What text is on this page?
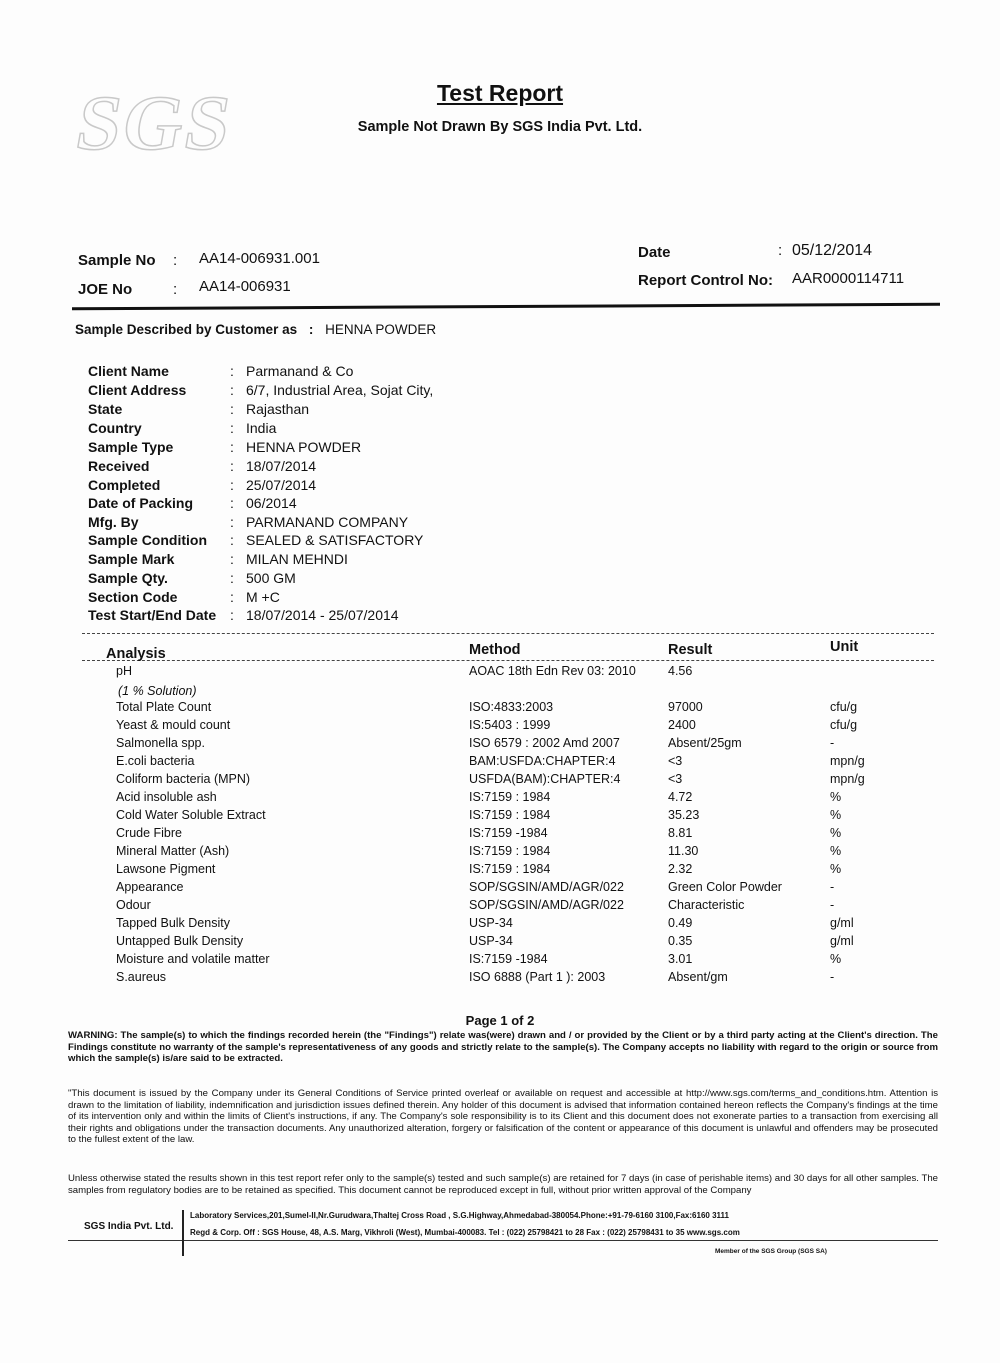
SGS	Test Report
Sample Not Drawn By SGS India Pvt. Ltd.
Sample No : AA14-006931.001
JOE No	: AA14-006931
Date	: 05/12/2014
Report Control No: AAR0000114711
Sample Described by Customer as : HENNA POWDER
Client Name	: Parmanand & Co
Client Address	: 6/7, Industrial Area, Sojat City,
State	: Rajasthan
Country	: India
Sample Type	: HENNA POWDER
Received	: 18/07/2014
Completed	: 25/07/2014
Date of Packing	: 06/2014
Mfg. By	: PARMANAND COMPANY
Sample Condition	: SEALED & SATISFACTORY
Sample Mark	: MILAN MEHNDI
Sample Qty.	: 500 GM
Section Code	: M +C
Test Start/End Date : 18/07/2014 - 25/07/2014
Analysis	Method	Result	Unit
pH	AOAC 18th Edn Rev 03: 2010	4.56
(1 % Solution)
Total Plate Count	ISO:4833:2003	97000	cfu/g
Yeast & mould count	IS:5403 : 1999	2400	cfu/g
Salmonella spp.	ISO 6579 : 2002 Amd 2007	Absent/25gm	-
E.coli bacteria	BAM:USFDA:CHAPTER:4	<3	mpn/g
Coliform bacteria (MPN)	USFDA(BAM):CHAPTER:4	<3	mpn/g
Acid insoluble ash	IS:7159 : 1984	4.72	%
Cold Water Soluble Extract	IS:7159 : 1984	35.23	%
Crude Fibre	IS:7159 -1984	8.81	%
Mineral Matter (Ash)	IS:7159 : 1984	11.30	%
Lawsone Pigment	IS:7159 : 1984	2.32	%
Appearance	SOP/SGSIN/AMD/AGR/022	Green Color Powder	-
Odour	SOP/SGSIN/AMD/AGR/022	Characteristic	-
Tapped Bulk Density	USP-34	0.49	g/ml
Untapped Bulk Density	USP-34	0.35	g/ml
Moisture and volatile matter	IS:7159 -1984	3.01	%
S.aureus	ISO 6888 (Part 1 ): 2003	Absent/gm	-
Page 1 of 2
WARNING: The sample(s) to which the findings recorded herein (the "Findings") relate was(were) drawn and / or provided by the Client or by a third party acting at the Client's direction. The Findings constitute no warranty of the sample's representativeness of any goods and strictly relate to the sample(s). The Company accepts no liability with regard to the origin or source from which the sample(s) is/are said to be extracted.
"This document is issued by the Company under its General Conditions of Service printed overleaf or available on request and accessible at http://www.sgs.com/terms_and_conditions.htm. Attention is drawn to the limitation of liability, indemnification and jurisdiction issues defined therein. Any holder of this document is advised that information contained hereon reflects the Company's findings at the time of its intervention only and within the limits of Client's instructions, if any. The Company's sole responsibility is to its Client and this document does not exonerate parties to a transaction from exercising all their rights and obligations under the transaction documents. Any unauthorized alteration, forgery or falsification of the content or appearance of this document is unlawful and offenders may be prosecuted to the fullest extent of the law.
Unless otherwise stated the results shown in this test report refer only to the sample(s) tested and such sample(s) are retained for 7 days (in case of perishable items) and 30 days for all other samples. The samples from regulatory bodies are to be retained as specified. This document cannot be reproduced except in full, without prior written approval of the Company
SGS India Pvt. Ltd.
Laboratory Services,201,Sumel-II,Nr.Gurudwara,Thaltej Cross Road , S.G.Highway,Ahmedabad-380054.Phone:+91-79-6160 3100,Fax:6160 3111
Regd & Corp. Off : SGS House, 48, A.S. Marg, Vikhroli (West), Mumbai-400083. Tel : (022) 25798421 to 28 Fax : (022) 25798431 to 35 www.sgs.com
Member of the SGS Group (SGS SA)
